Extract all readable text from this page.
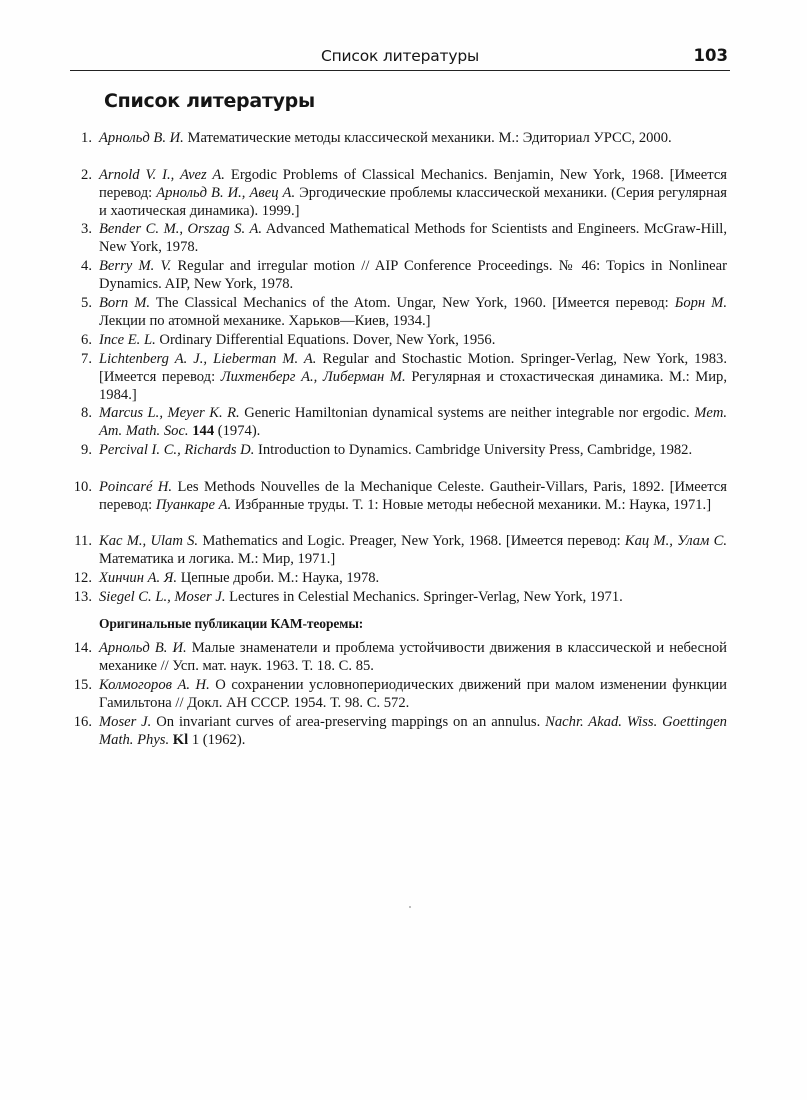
Список литературы	103
Список литературы
1. Арнольд В. И. Математические методы классической механики. М.: Эдиториал УРСС, 2000.
2. Arnold V. I., Avez A. Ergodic Problems of Classical Mechanics. Benjamin, New York, 1968. [Имеется перевод: Арнольд В. И., Авец А. Эргодические проблемы классической механики. (Серия регулярная и хаотическая динамика). 1999.]
3. Bender C. M., Orszag S. A. Advanced Mathematical Methods for Scientists and Engineers. McGraw-Hill, New York, 1978.
4. Berry M. V. Regular and irregular motion // AIP Conference Proceedings. № 46: Topics in Nonlinear Dynamics. AIP, New York, 1978.
5. Born M. The Classical Mechanics of the Atom. Ungar, New York, 1960. [Имеется перевод: Борн М. Лекции по атомной механике. Харьков—Киев, 1934.]
6. Ince E. L. Ordinary Differential Equations. Dover, New York, 1956.
7. Lichtenberg A. J., Lieberman M. A. Regular and Stochastic Motion. Springer-Verlag, New York, 1983. [Имеется перевод: Лихтенберг А., Либерман М. Регулярная и стохастическая динамика. М.: Мир, 1984.]
8. Marcus L., Meyer K. R. Generic Hamiltonian dynamical systems are neither integrable nor ergodic. Mem. Am. Math. Soc. 144 (1974).
9. Percival I. C., Richards D. Introduction to Dynamics. Cambridge University Press, Cambridge, 1982.
10. Poincaré H. Les Methods Nouvelles de la Mechanique Celeste. Gautheir-Villars, Paris, 1892. [Имеется перевод: Пуанкаре А. Избранные труды. Т. 1: Новые методы небесной механики. М.: Наука, 1971.]
11. Kac M., Ulam S. Mathematics and Logic. Preager, New York, 1968. [Имеется перевод: Кац М., Улам С. Математика и логика. М.: Мир, 1971.]
12. Хинчин А. Я. Цепные дроби. М.: Наука, 1978.
13. Siegel C. L., Moser J. Lectures in Celestial Mechanics. Springer-Verlag, New York, 1971.
14. Арнольд В. И. Малые знаменатели и проблема устойчивости движения в классической и небесной механике // Усп. мат. наук. 1963. Т. 18. С. 85.
15. Колмогоров А. Н. О сохранении условнопериодических движений при малом изменении функции Гамильтона // Докл. АН СССР. 1954. Т. 98. С. 572.
16. Moser J. On invariant curves of area-preserving mappings on an annulus. Nachr. Akad. Wiss. Goettingen Math. Phys. Kl 1 (1962).
Оригинальные публикации КАМ-теоремы:
